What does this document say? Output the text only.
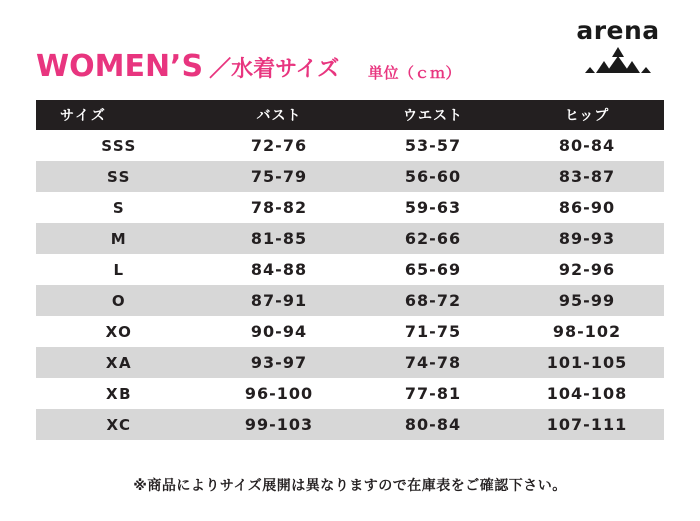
arena
WOMEN’S ／水着サイズ 単位（ｃｍ）
サイズ	バスト	ウエスト	ヒップ
SSS	72-76	53-57	80-84
SS	75-79	56-60	83-87
S	78-82	59-63	86-90
M	81-85	62-66	89-93
L	84-88	65-69	92-96
O	87-91	68-72	95-99
XO	90-94	71-75	98-102
XA	93-97	74-78	101-105
XB	96-100	77-81	104-108
XC	99-103	80-84	107-111
※商品によりサイズ展開は異なりますので在庫表をご確認下さい。
